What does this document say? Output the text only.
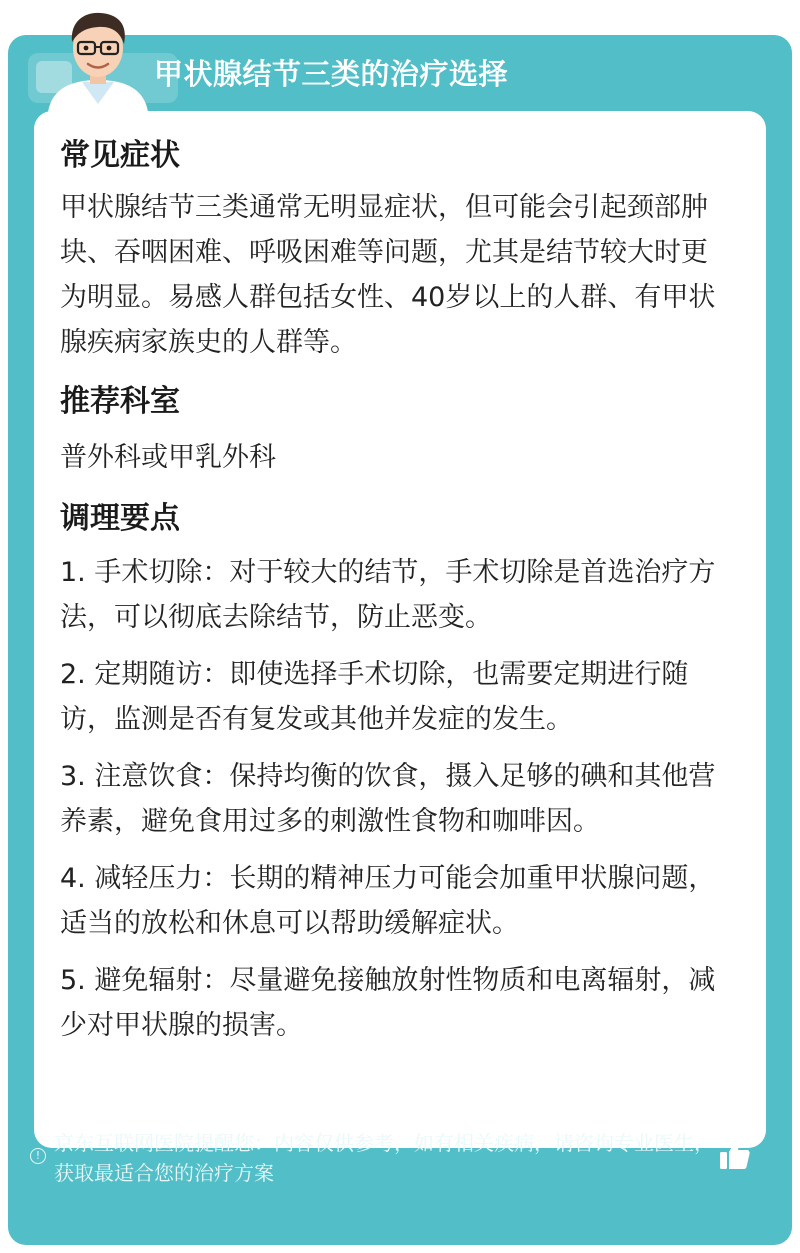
甲状腺结节三类的治疗选择
常见症状
甲状腺结节三类通常无明显症状，但可能会引起颈部肿块、吞咽困难、呼吸困难等问题，尤其是结节较大时更为明显。易感人群包括女性、40岁以上的人群、有甲状腺疾病家族史的人群等。
推荐科室
普外科或甲乳外科
调理要点
1. 手术切除：对于较大的结节，手术切除是首选治疗方法，可以彻底去除结节，防止恶变。
2. 定期随访：即使选择手术切除，也需要定期进行随访，监测是否有复发或其他并发症的发生。
3. 注意饮食：保持均衡的饮食，摄入足够的碘和其他营养素，避免食用过多的刺激性食物和咖啡因。
4. 减轻压力：长期的精神压力可能会加重甲状腺问题，适当的放松和休息可以帮助缓解症状。
5. 避免辐射：尽量避免接触放射性物质和电离辐射，减少对甲状腺的损害。
!
京东互联网医院提醒您：内容仅供参考，如有相关疾病，请咨询专业医生，获取最适合您的治疗方案
